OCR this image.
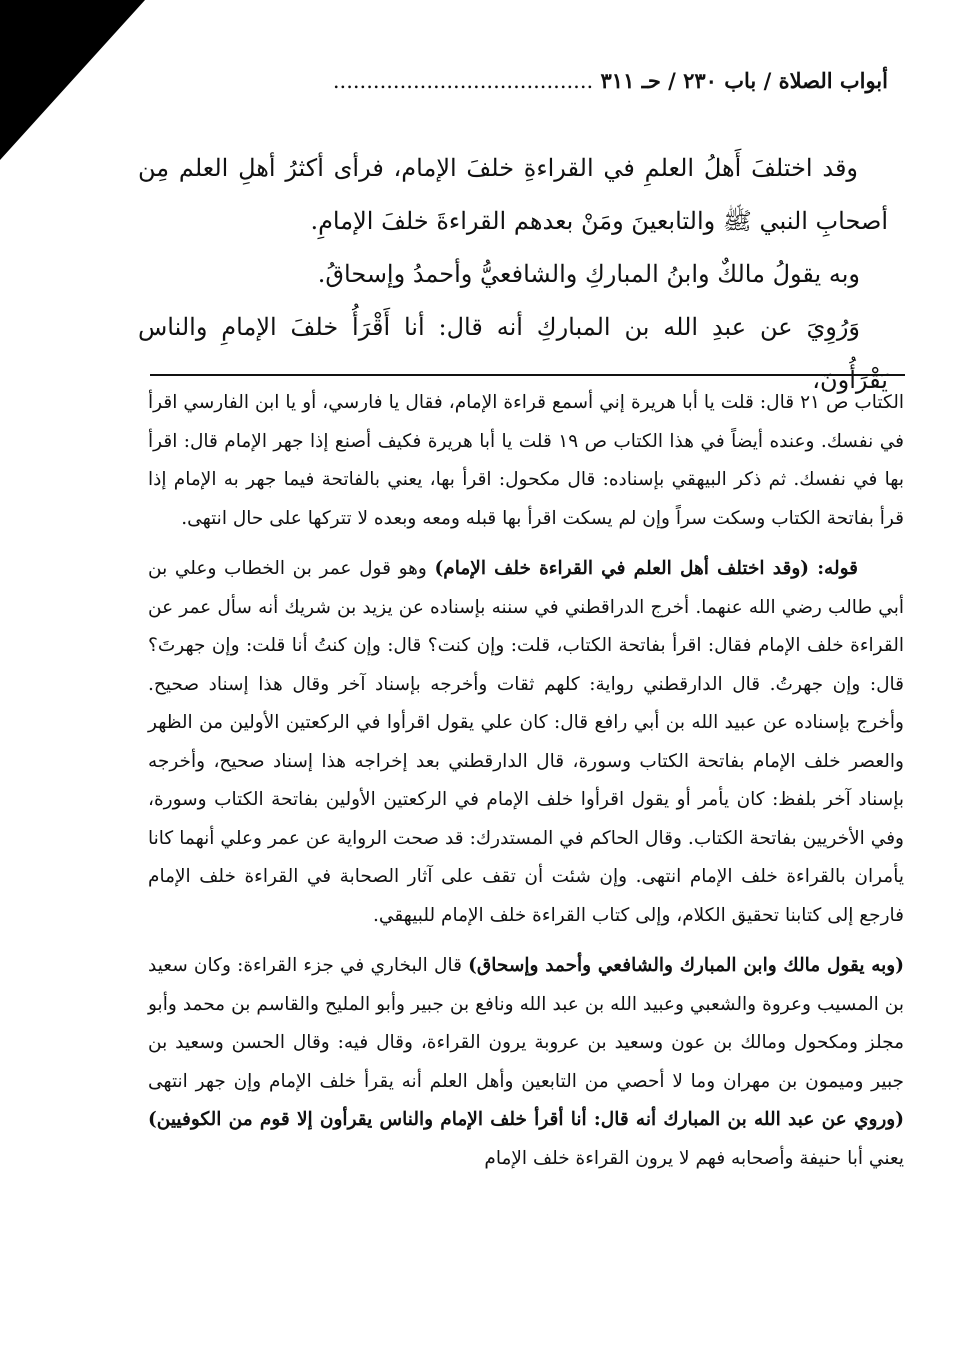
أبواب الصلاة / باب ٢٣٠ / حـ ٣١١ .......................................

وقد اختلفَ أَهلُ العلمِ في القراءةِ خلفَ الإمام، فرأى أكثرُ أهلِ العلم مِن أصحابِ النبي ﷺ والتابعينَ ومَنْ بعدهم القراءةَ خلفَ الإمامِ.

وبه يقولُ مالكٌ وابنُ المباركِ والشافعيُّ وأحمدُ وإسحاقُ.

وَرُوِيَ عن عبدِ الله بن المباركِ أنه قال: أنا أَقْرَأُ خلفَ الإمامِ والناس يَقْرَأُونَ،

الكتاب ص ٢١ قال: قلت يا أبا هريرة إني أسمع قراءة الإمام، فقال يا فارسي، أو يا ابن الفارسي اقرأ في نفسك. وعنده أيضاً في هذا الكتاب ص ١٩ قلت يا أبا هريرة فكيف أصنع إذا جهر الإمام قال: اقرأ بها في نفسك. ثم ذكر البيهقي بإسناده: قال مكحول: اقرأ بها، يعني بالفاتحة فيما جهر به الإمام إذا قرأ بفاتحة الكتاب وسكت سراً وإن لم يسكت اقرأ بها قبله ومعه وبعده لا تتركها على حال انتهى.

قوله: (وقد اختلف أهل العلم في القراءة خلف الإمام) وهو قول عمر بن الخطاب وعلي بن أبي طالب رضي الله عنهما. أخرج الدراقطني في سننه بإسناده عن يزيد بن شريك أنه سأل عمر عن القراءة خلف الإمام فقال: اقرأ بفاتحة الكتاب، قلت: وإن كنت؟ قال: وإن كنتُ أنا قلت: وإن جهرتَ؟ قال: وإن جهرتُ. قال الدارقطني رواية: كلهم ثقات وأخرجه بإسناد آخر وقال هذا إسناد صحيح. وأخرج بإسناده عن عبيد الله بن أبي رافع قال: كان علي يقول اقرأوا في الركعتين الأولين من الظهر والعصر خلف الإمام بفاتحة الكتاب وسورة، قال الدارقطني بعد إخراجه هذا إسناد صحيح، وأخرجه بإسناد آخر بلفظ: كان يأمر أو يقول اقرأوا خلف الإمام في الركعتين الأولين بفاتحة الكتاب وسورة، وفي الأخريين بفاتحة الكتاب. وقال الحاكم في المستدرك: قد صحت الرواية عن عمر وعلي أنهما كانا يأمران بالقراءة خلف الإمام انتهى. وإن شئت أن تقف على آثار الصحابة في القراءة خلف الإمام فارجع إلى كتابنا تحقيق الكلام، وإلى كتاب القراءة خلف الإمام للبيهقي.

(وبه يقول مالك وابن المبارك والشافعي وأحمد وإسحاق) قال البخاري في جزء القراءة: وكان سعيد بن المسيب وعروة والشعبي وعبيد الله بن عبد الله ونافع بن جبير وأبو المليح والقاسم بن محمد وأبو مجلز ومكحول ومالك بن عون وسعيد بن عروبة يرون القراءة، وقال فيه: وقال الحسن وسعيد بن جبير وميمون بن مهران وما لا أحصي من التابعين وأهل العلم أنه يقرأ خلف الإمام وإن جهر انتهى (وروي عن عبد الله بن المبارك أنه قال: أنا أقرأ خلف الإمام والناس يقرأون إلا قوم من الكوفيين) يعني أبا حنيفة وأصحابه فهم لا يرون القراءة خلف الإمام
